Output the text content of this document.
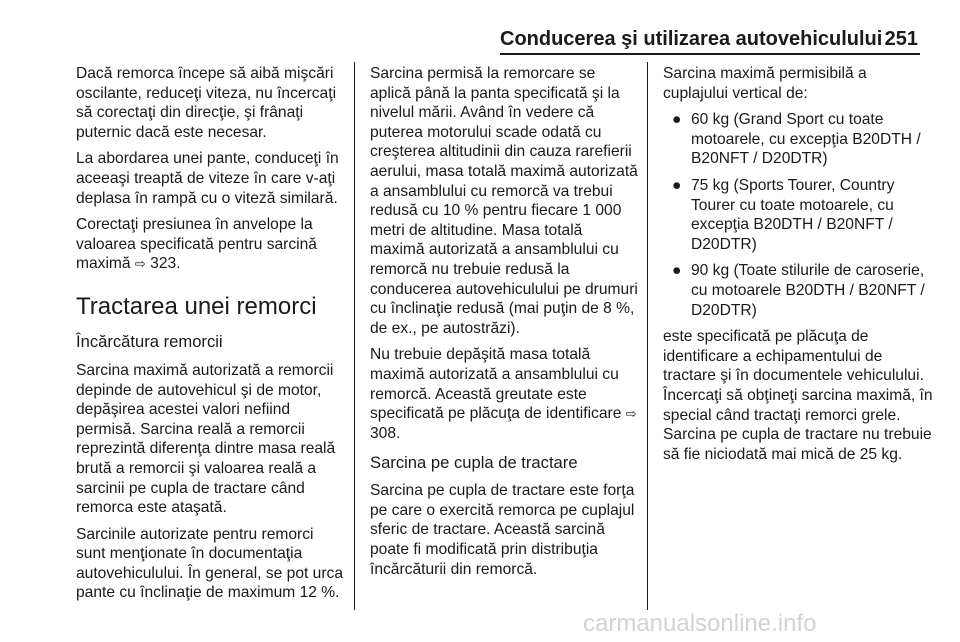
Conducerea şi utilizarea autovehiculului 251

Dacă remorca începe să aibă mişcări oscilante, reduceţi viteza, nu încercaţi să corectaţi din direcţie, şi frânaţi puternic dacă este necesar.

La abordarea unei pante, conduceţi în aceeaşi treaptă de viteze în care v-aţi deplasa în rampă cu o viteză similară.

Corectaţi presiunea în anvelope la valoarea specificată pentru sarcină maximă ⇨ 323.

Tractarea unei remorci
Încărcătura remorcii

Sarcina maximă autorizată a remorcii depinde de autovehicul şi de motor, depăşirea acestei valori nefiind permisă. Sarcina reală a remorcii reprezintă diferenţa dintre masa reală brută a remorcii şi valoarea reală a sarcinii pe cupla de tractare când remorca este ataşată.

Sarcinile autorizate pentru remorci sunt menţionate în documentaţia autovehiculului. În general, se pot urca pante cu înclinaţie de maximum 12 %.

Sarcina permisă la remorcare se aplică până la panta specificată şi la nivelul mării. Având în vedere că puterea motorului scade odată cu creşterea altitudinii din cauza rarefierii aerului, masa totală maximă autorizată a ansamblului cu remorcă va trebui redusă cu 10 % pentru fiecare 1 000 metri de altitudine. Masa totală maximă autorizată a ansamblului cu remorcă nu trebuie redusă la conducerea autovehiculului pe drumuri cu înclinaţie redusă (mai puţin de 8 %, de ex., pe autostrăzi).

Nu trebuie depăşită masa totală maximă autorizată a ansamblului cu remorcă. Această greutate este specificată pe plăcuţa de identificare ⇨ 308.

Sarcina pe cupla de tractare

Sarcina pe cupla de tractare este forţa pe care o exercită remorca pe cuplajul sferic de tractare. Această sarcină poate fi modificată prin distribuţia încărcăturii din remorcă.

Sarcina maximă permisibilă a cuplajului vertical de:

● 60 kg (Grand Sport cu toate motoarele, cu excepţia B20DTH / B20NFT / D20DTR)
● 75 kg (Sports Tourer, Country Tourer cu toate motoarele, cu excepţia B20DTH / B20NFT / D20DTR)
● 90 kg (Toate stilurile de caroserie, cu motoarele B20DTH / B20NFT / D20DTR)

este specificată pe plăcuţa de identificare a echipamentului de tractare şi în documentele vehiculului. Încercaţi să obţineţi sarcina maximă, în special când tractaţi remorci grele. Sarcina pe cupla de tractare nu trebuie să fie niciodată mai mică de 25 kg.

carmanualsonline.info
